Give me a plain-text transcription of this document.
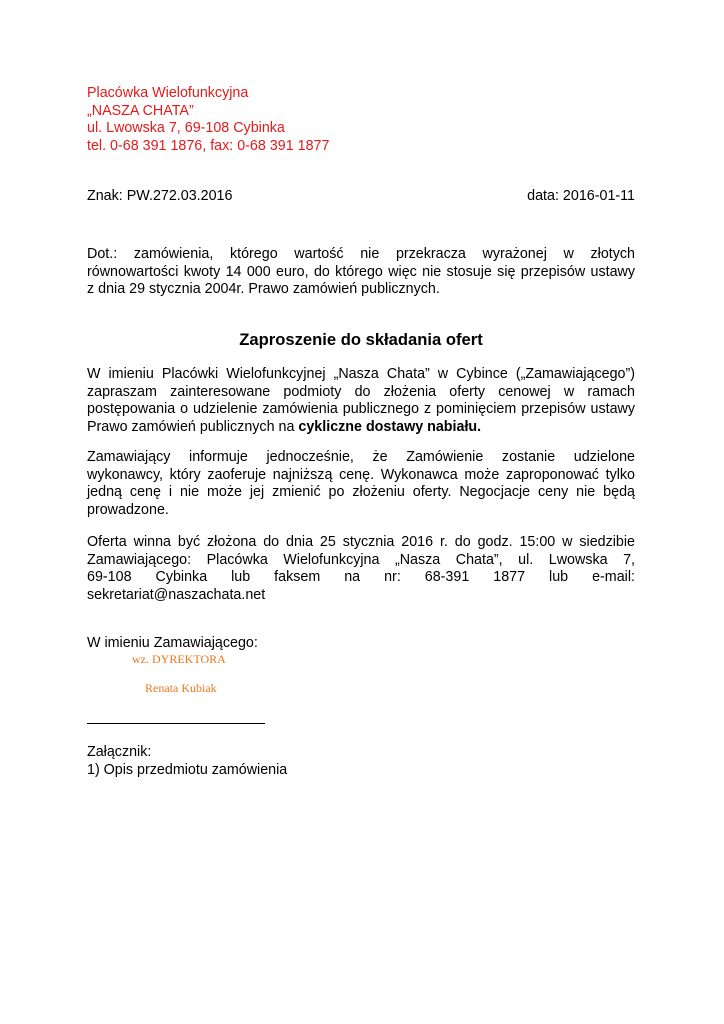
Placówka Wielofunkcyjna
„NASZA CHATA”
ul. Lwowska 7, 69-108 Cybinka
tel. 0-68 391 1876, fax: 0-68 391 1877
Znak: PW.272.03.2016	data: 2016-01-11
Dot.: zamówienia, którego wartość nie przekracza wyrażonej w złotych
równowartości kwoty 14 000 euro, do którego więc nie stosuje się przepisów ustawy
z dnia 29 stycznia 2004r. Prawo zamówień publicznych.
Zaproszenie do składania ofert
W imieniu Placówki Wielofunkcyjnej „Nasza Chata” w Cybince („Zamawiającego”)
zapraszam zainteresowane podmioty do złożenia oferty cenowej w ramach
postępowania o udzielenie zamówienia publicznego z pominięciem przepisów ustawy
Prawo zamówień publicznych na cykliczne dostawy nabiału.
Zamawiający informuje jednocześnie, że Zamówienie zostanie udzielone
wykonawcy, który zaoferuje najniższą cenę. Wykonawca może zaproponować tylko
jedną cenę i nie może jej zmienić po złożeniu oferty. Negocjacje ceny nie będą
prowadzone.
Oferta winna być złożona do dnia 25 stycznia 2016 r. do godz. 15:00 w siedzibie
Zamawiającego: Placówka Wielofunkcyjna „Nasza Chata”, ul. Lwowska 7,
69-108 Cybinka lub faksem na nr: 68-391 1877 lub e-mail:
sekretariat@naszachata.net
W imieniu Zamawiającego:
wz. DYREKTORA
Renata Kubiak
Załącznik:
1) Opis przedmiotu zamówienia
